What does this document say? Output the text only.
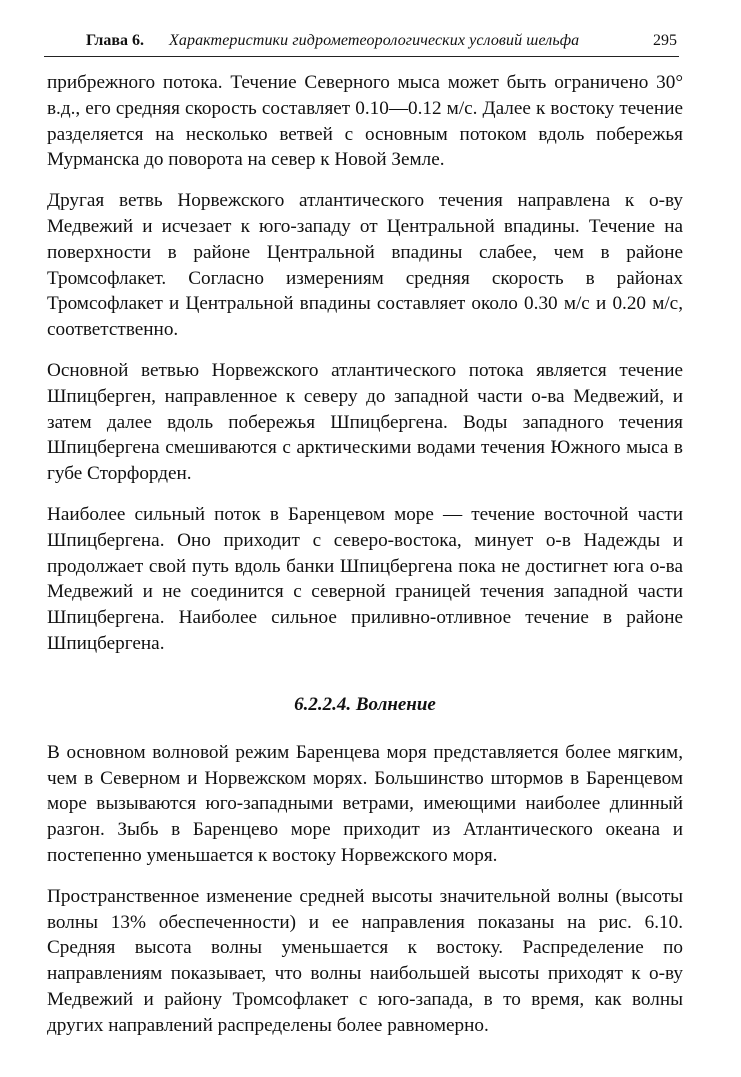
Глава 6. Характеристики гидрометеорологических условий шельфа	295

прибрежного потока. Течение Северного мыса может быть ограничено 30° в.д., его средняя скорость составляет 0.10—0.12 м/с. Далее к востоку течение разделяется на несколько ветвей с основным потоком вдоль побережья Мурманска до поворота на север к Новой Земле.

Другая ветвь Норвежского атлантического течения направлена к о-ву Медвежий и исчезает к юго-западу от Центральной впадины. Течение на поверхности в районе Центральной впадины слабее, чем в районе Тромсофлакет. Согласно измерениям средняя скорость в районах Тромсофлакет и Центральной впадины составляет около 0.30 м/с и 0.20 м/с, соответственно.

Основной ветвью Норвежского атлантического потока является течение Шпицберген, направленное к северу до западной части о-ва Медвежий, и затем далее вдоль побережья Шпицбергена. Воды западного течения Шпицбергена смешиваются с арктическими водами течения Южного мыса в губе Сторфорден.

Наиболее сильный поток в Баренцевом море — течение восточной части Шпицбергена. Оно приходит с северо-востока, минует о-в Надежды и продолжает свой путь вдоль банки Шпицбергена пока не достигнет юга о-ва Медвежий и не соединится с северной границей течения западной части Шпицбергена. Наиболее сильное приливно-отливное течение в районе Шпицбергена.

6.2.2.4. Волнение

В основном волновой режим Баренцева моря представляется более мягким, чем в Северном и Норвежском морях. Большинство штормов в Баренцевом море вызываются юго-западными ветрами, имеющими наиболее длинный разгон. Зыбь в Баренцево море приходит из Атлантического океана и постепенно уменьшается к востоку Норвежского моря.

Пространственное изменение средней высоты значительной волны (высоты волны 13% обеспеченности) и ее направления показаны на рис. 6.10. Средняя высота волны уменьшается к востоку. Распределение по направлениям показывает, что волны наибольшей высоты приходят к о-ву Медвежий и району Тромсофлакет с юго-запада, в то время, как волны других направлений распределены более равномерно.
